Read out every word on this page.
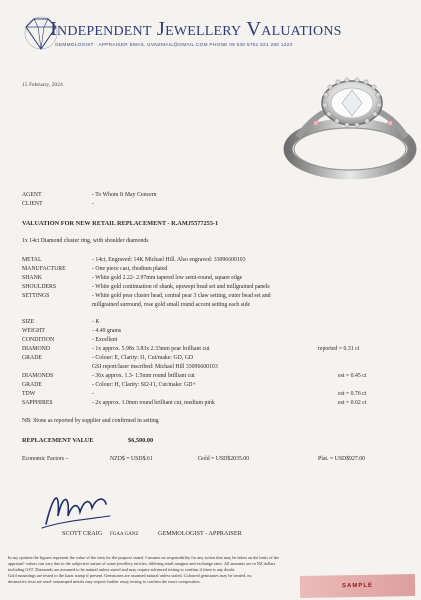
Independent Jewellery Valuations
GEMMOLOGIST · APPRAISER EMAIL IJVNZMAIL@GMAIL.COM PHONE 09 630 5751 021 280 1223
15 February, 2024
AGENT	- To Whom It May Concern
CLIENT	-
VALUATION FOR NEW RETAIL REPLACEMENT - R.AMJ5577255-1
1x 14ct Diamond cluster ring, with shoulder diamonds
METAL	- 14ct, Engraved: 14K Michael Hill. Also engraved: 33096600103
MANUFACTURE	- One piece cast, rhodium plated
SHANK	- White gold 2.22- 2.97mm tapered low semi-round, square edge
SHOULDERS	- White gold continuation of shank, upswept bead set and millgrained panels
SETTINGS	- White gold pear cluster head, central pear 3 claw setting, outer bead set and
millgrained surround, rose gold small round accent setting each side
SIZE	- K
WEIGHT	- 4.49 grams
CONDITION	- Excellent
DIAMOND	- 1x approx. 5.98x 3.83x 2.33mm pear brilliant cut	reported = 0.31 ct
GRADE	- Colour: E, Clarity: I1, Cut/make: GD, GD
GSI report/laser inscribed: Michael Hill 33096600103
DIAMONDS	- 36x approx. 1.3- 1.5mm round brilliant cut	est = 0.45 ct
GRADE	- Colour: H, Clarity: SI2-I1, Cut/make: GD+
TDW	-	est = 0.76 ct
SAPPHIRES	- 2x approx. 1.0mm round brilliant cut, medium pink	est = 0.02 ct
NB: Stone as reported by supplier and confirmed in setting
REPLACEMENT VALUE	$6,500.00
Economic Factors –	NZD$ = USD$.61	Gold = USD$2035.00	Plat. = USD$927.00
SCOTT CRAIG FGAA GANZ	GEMMOLOGIST - APPRAISER
In my opinion the figures represent the value of the item for the purpose stated. I assume no responsibility for any action that may be taken on the basis of the
appraisal- values can vary due to the subjective nature of some jewellery articles, differing retail margins and exchange rates. All amounts are in NZ dollars
including GST. Diamonds are assumed to be natural unless stated and may require advanced testing to confirm if there is any doubt.
Gold mountings are tested to the karat stamp if present. Gemstones are assumed natural unless stated. Coloured gemstones may be treated, no
destructive tests are used- unstamped metals may require further assay testing to confirm the exact composition.
SAMPLE
